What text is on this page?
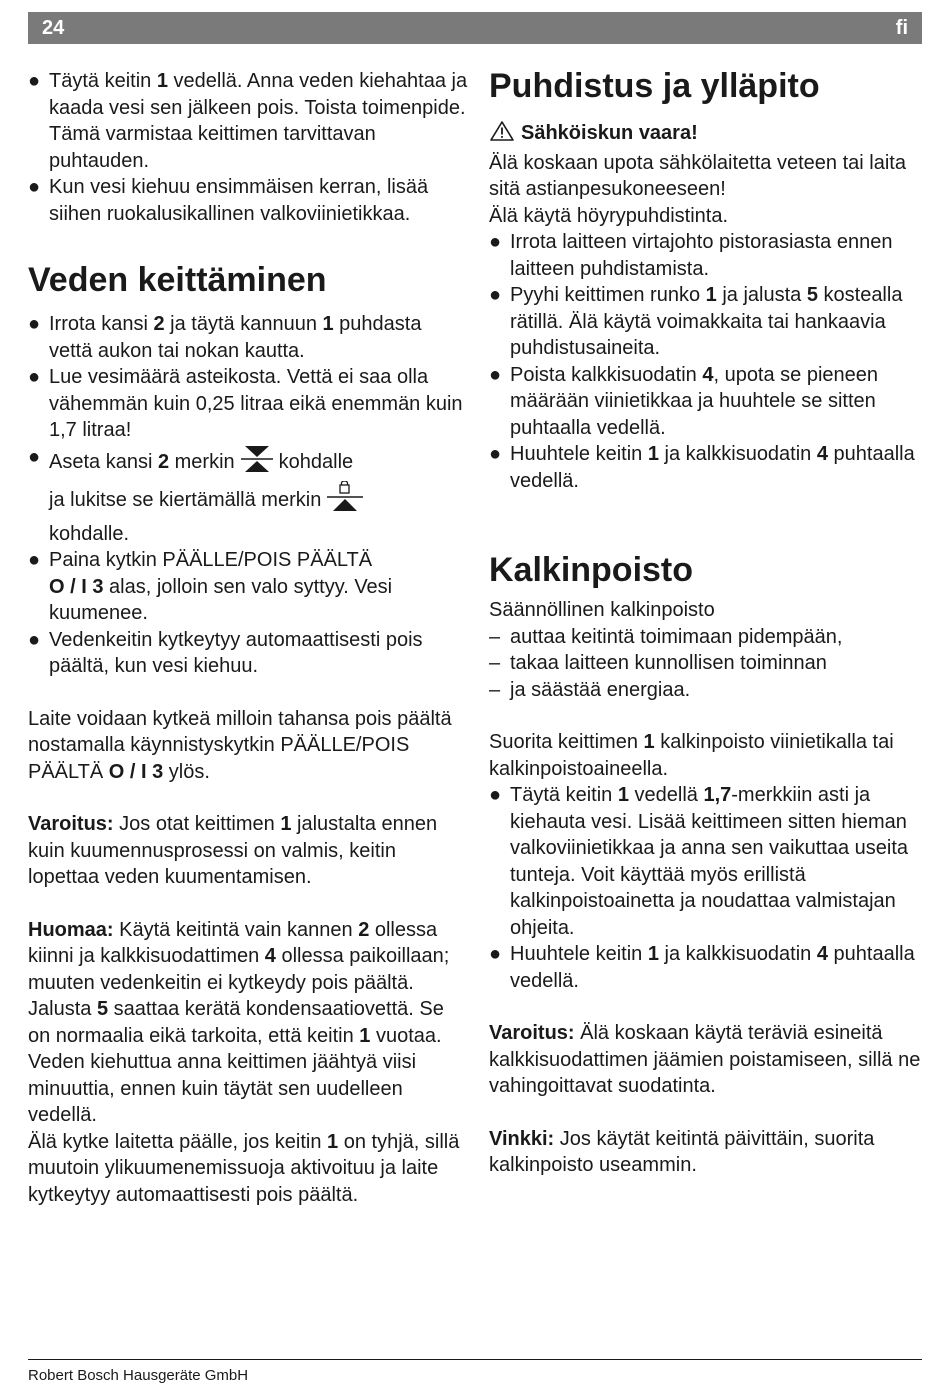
24	fi
● Täytä keitin 1 vedellä. Anna veden kiehahtaa ja kaada vesi sen jälkeen pois. Toista toimenpide. Tämä varmistaa keittimen tarvittavan puhtauden.
● Kun vesi kiehuu ensimmäisen kerran, lisää siihen ruokalusikallinen valkoviinietikkaa.
Veden keittäminen
● Irrota kansi 2 ja täytä kannuun 1 puhdasta vettä aukon tai nokan kautta.
● Lue vesimäärä asteikosta. Vettä ei saa olla vähemmän kuin 0,25 litraa eikä enemmän kuin 1,7 litraa!
● Aseta kansi 2 merkin kohdalle
ja lukitse se kiertämällä merkin
kohdalle.
● Paina kytkin PÄÄLLE/POIS PÄÄLTÄ
O / I 3 alas, jolloin sen valo syttyy. Vesi kuumenee.
● Vedenkeitin kytkeytyy automaattisesti pois päältä, kun vesi kiehuu.

Laite voidaan kytkeä milloin tahansa pois päältä nostamalla käynnistyskytkin PÄÄLLE/POIS PÄÄLTÄ O / I 3 ylös.

Varoitus: Jos otat keittimen 1 jalustalta ennen kuin kuumennusprosessi on valmis, keitin lopettaa veden kuumentamisen.

Huomaa: Käytä keitintä vain kannen 2 ollessa kiinni ja kalkkisuodattimen 4 ollessa paikoillaan; muuten vedenkeitin ei kytkeydy pois päältä.

Jalusta 5 saattaa kerätä kondensaatiovettä. Se on normaalia eikä tarkoita, että keitin 1 vuotaa.

Veden kiehuttua anna keittimen jäähtyä viisi minuuttia, ennen kuin täytät sen uudelleen vedellä.

Älä kytke laitetta päälle, jos keitin 1 on tyhjä, sillä muutoin ylikuumenemissuoja aktivoituu ja laite kytkeytyy automaattisesti pois päältä.

Puhdistus ja ylläpito
Sähköiskun vaara!

Älä koskaan upota sähkölaitetta veteen tai laita sitä astianpesukoneeseen!

Älä käytä höyrypuhdistinta.

● Irrota laitteen virtajohto pistorasiasta ennen laitteen puhdistamista.
● Pyyhi keittimen runko 1 ja jalusta 5 kostealla rätillä. Älä käytä voimakkaita tai hankaavia puhdistusaineita.
● Poista kalkkisuodatin 4, upota se pieneen määrään viinietikkaa ja huuhtele se sitten puhtaalla vedellä.
● Huuhtele keitin 1 ja kalkkisuodatin 4 puhtaalla vedellä.
Kalkinpoisto

Säännöllinen kalkinpoisto

– auttaa keitintä toimimaan pidempään,
– takaa laitteen kunnollisen toiminnan
– ja säästää energiaa.

Suorita keittimen 1 kalkinpoisto viinietikalla tai kalkinpoistoaineella.

● Täytä keitin 1 vedellä 1,7-merkkiin asti ja kiehauta vesi. Lisää keittimeen sitten hieman valkoviinietikkaa ja anna sen vaikuttaa useita tunteja. Voit käyttää myös erillistä kalkinpoistoainetta ja noudattaa valmistajan ohjeita.
● Huuhtele keitin 1 ja kalkkisuodatin 4 puhtaalla vedellä.

Varoitus: Älä koskaan käytä teräviä esineitä kalkkisuodattimen jäämien poistamiseen, sillä ne vahingoittavat suodatinta.

Vinkki: Jos käytät keitintä päivittäin, suorita kalkinpoisto useammin.

Robert Bosch Hausgeräte GmbH
